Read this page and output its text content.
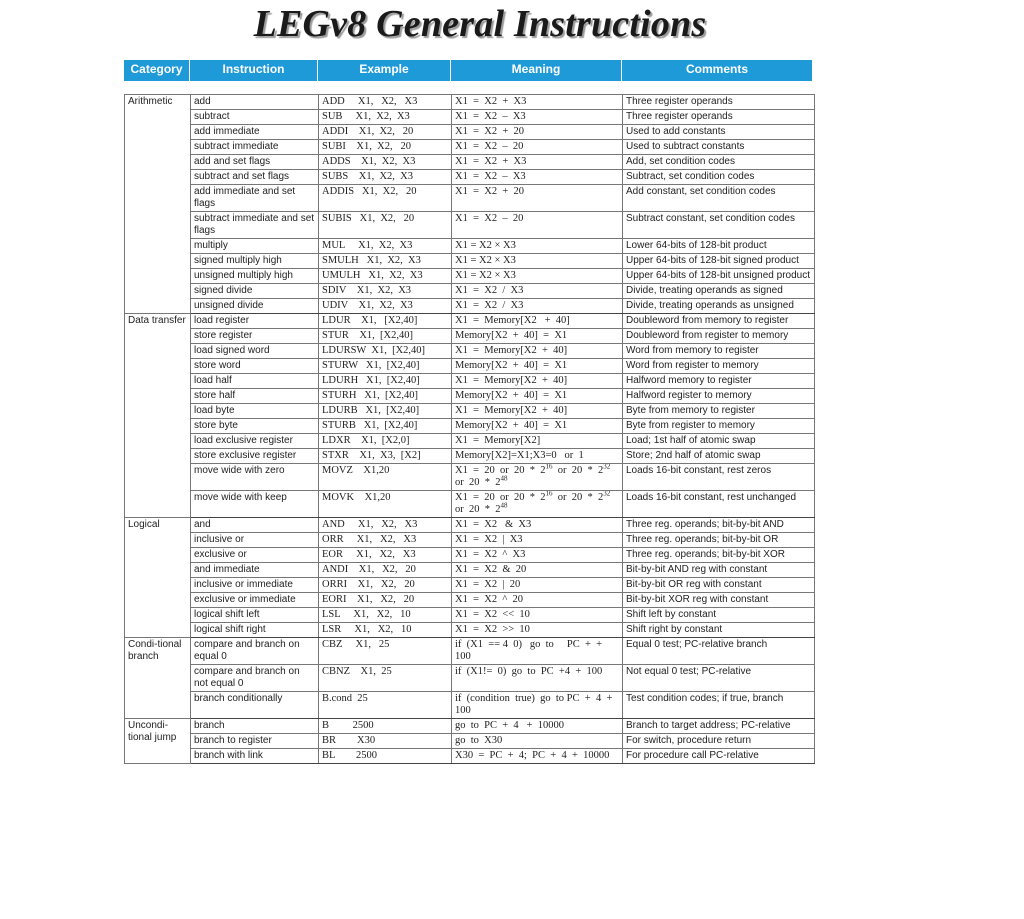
LEGv8 General Instructions
Category	Instruction	Example	Meaning	Comments
Arithmetic	add	ADD     X1,   X2,   X3	X1  =  X2  +  X3	Three register operands
	subtract	SUB     X1,  X2,  X3	X1  =  X2  –  X3	Three register operands
	add immediate	ADDI    X1,  X2,   20	X1  =  X2  +  20	Used to add constants
	subtract immediate	SUBI    X1,  X2,   20	X1  =  X2  –  20	Used to subtract constants
	add and set flags	ADDS    X1,  X2,  X3	X1  =  X2  +  X3	Add, set condition codes
	subtract and set flags	SUBS    X1,  X2,  X3	X1  =  X2  –  X3	Subtract, set condition codes
	add immediate and set flags	ADDIS   X1,  X2,   20	X1  =  X2  +  20	Add constant, set condition codes
	subtract immediate and set flags	SUBIS   X1,  X2,   20	X1  =  X2  –  20	Subtract constant, set condition codes
	multiply	MUL     X1,  X2,  X3	X1 = X2 × X3	Lower 64-bits of 128-bit product
	signed multiply high	SMULH   X1,  X2,  X3	X1 = X2 × X3	Upper 64-bits of 128-bit signed product
	unsigned multiply high	UMULH   X1,  X2,  X3	X1 = X2 × X3	Upper 64-bits of 128-bit unsigned product
	signed divide	SDIV    X1,  X2,  X3	X1  =  X2  /  X3	Divide, treating operands as signed
	unsigned divide	UDIV    X1,  X2,  X3	X1  =  X2  /  X3	Divide, treating operands as unsigned
Data transfer	load register	LDUR    X1,   [X2,40]	X1  =  Memory[X2   +  40]	Doubleword from memory to register
	store register	STUR    X1,  [X2,40]	Memory[X2  +  40]  =  X1	Doubleword from register to memory
	load signed word	LDURSW  X1,  [X2,40]	X1  =  Memory[X2  +  40]	Word from memory to register
	store word	STURW   X1,  [X2,40]	Memory[X2  +  40]  =  X1	Word from register to memory
	load half	LDURH   X1,  [X2,40]	X1  =  Memory[X2  +  40]	Halfword memory to register
	store half	STURH   X1,  [X2,40]	Memory[X2  +  40]  =  X1	Halfword register to memory
	load byte	LDURB   X1,  [X2,40]	X1  =  Memory[X2  +  40]	Byte from memory to register
	store byte	STURB   X1,  [X2,40]	Memory[X2  +  40]  =  X1	Byte from register to memory
	load exclusive register	LDXR    X1,  [X2,0]	X1  =  Memory[X2]	Load; 1st half of atomic swap
	store exclusive register	STXR    X1,  X3,  [X2]	Memory[X2]=X1;X3=0   or  1	Store; 2nd half of atomic swap
	move wide with zero	MOVZ    X1,20	X1  =  20  or  $20 * 2^{16}$  or  $20 * 2^{32}$  or  $20 * 2^{48}$	Loads 16-bit constant, rest zeros
	move wide with keep	MOVK    X1,20	X1  =  20  or  $20 * 2^{16}$  or  $20 * 2^{32}$  or  $20 * 2^{48}$	Loads 16-bit constant, rest unchanged
Logical	and	AND     X1,   X2,   X3	X1  =  X2   &  X3	Three reg. operands; bit-by-bit AND
	inclusive or	ORR     X1,   X2,   X3	X1  =  X2  |  X3	Three reg. operands; bit-by-bit OR
	exclusive or	EOR     X1,   X2,   X3	X1  =  X2  ^  X3	Three reg. operands; bit-by-bit XOR
	and immediate	ANDI    X1,   X2,   20	X1  =  X2  &  20	Bit-by-bit AND reg with constant
	inclusive or immediate	ORRI    X1,   X2,   20	X1  =  X2  |  20	Bit-by-bit OR reg with constant
	exclusive or immediate	EORI    X1,   X2,   20	X1  =  X2  ^  20	Bit-by-bit XOR reg with constant
	logical shift left	LSL     X1,   X2,   10	X1  =  X2  <<  10	Shift left by constant
	logical shift right	LSR     X1,   X2,   10	X1  =  X2  >>  10	Shift right by constant
Condi-tional branch	compare and branch on equal 0	CBZ     X1,   25	if  (X1  == 4  0)   go  to     PC  +  + 100	Equal 0 test; PC-relative branch
	compare and branch on not equal 0	CBNZ    X1,  25	if  (X1!=  0)  go  to  PC  +4  +  100	Not equal 0 test; PC-relative
	branch conditionally	B.cond  25	if  (condition  true)  go  to PC  +  4  +  100	Test condition codes; if true, branch
Uncondi-tional jump	branch	B         2500	go  to  PC  +  4   +  10000	Branch to target address; PC-relative
	branch to register	BR        X30	go  to  X30	For switch, procedure return
	branch with link	BL        2500	X30  =  PC  +  4;  PC  +  4  +  10000	For procedure call PC-relative
